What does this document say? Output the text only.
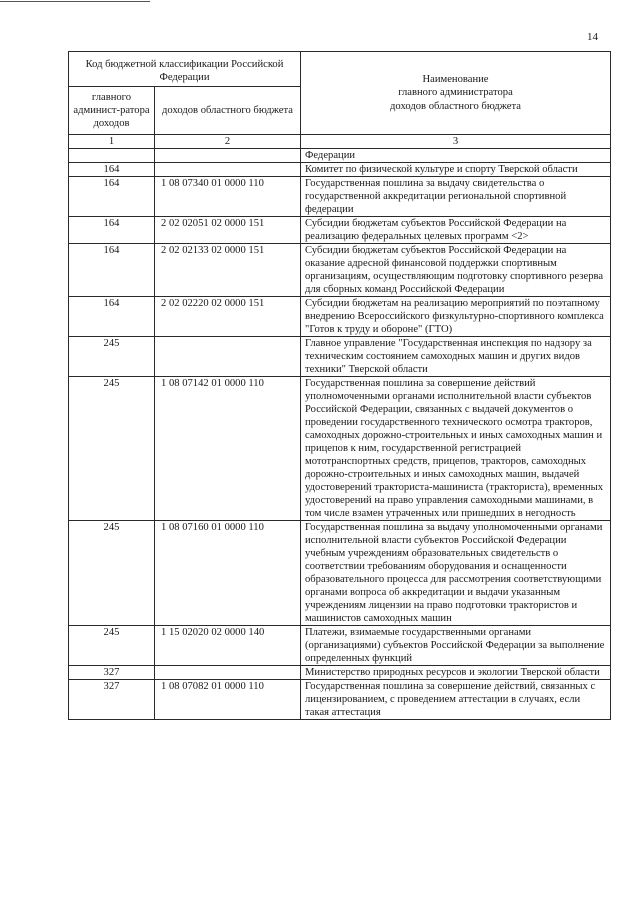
14
Код бюджетной классификации Российской Федерации		Наименование
главного администратора
доходов областного бюджета
главного админист-ратора доходов	доходов областного бюджета	
1	2	3
		Федерации
164		Комитет по физической культуре и спорту Тверской области
164	1 08 07340 01 0000 110	Государственная пошлина за выдачу свидетельства о государственной аккредитации региональной спортивной федерации
164	2 02 02051 02 0000 151	Субсидии бюджетам субъектов Российской Федерации на реализацию федеральных целевых программ <2>
164	2 02 02133 02 0000 151	Субсидии бюджетам субъектов Российской Федерации на оказание адресной финансовой поддержки спортивным организациям, осуществляющим подготовку спортивного резерва для сборных команд Российской Федерации
164	2 02 02220 02 0000 151	Субсидии бюджетам на реализацию мероприятий по поэтапному внедрению Всероссийского физкультурно-спортивного комплекса "Готов к труду и обороне" (ГТО)
245		Главное управление "Государственная инспекция по надзору за техническим состоянием самоходных машин и других видов техники" Тверской области
245	1 08 07142 01 0000 110	Государственная пошлина за совершение действий уполномоченными органами исполнительной власти субъектов Российской Федерации, связанных с выдачей документов о проведении государственного технического осмотра тракторов, самоходных дорожно-строительных и иных самоходных машин и прицепов к ним, государственной регистрацией мототранспортных средств, прицепов, тракторов, самоходных дорожно-строительных и иных самоходных машин, выдачей удостоверений тракториста-машиниста (тракториста), временных удостоверений на право управления самоходными машинами, в том числе взамен утраченных или пришедших в негодность
245	1 08 07160 01 0000 110	Государственная пошлина за выдачу уполномоченными органами исполнительной власти субъектов Российской Федерации учебным учреждениям образовательных свидетельств о соответствии требованиям оборудования и оснащенности образовательного процесса для рассмотрения соответствующими органами вопроса об аккредитации и выдачи указанным учреждениям лицензии на право подготовки трактористов и машинистов самоходных машин
245	1 15 02020 02 0000 140	Платежи, взимаемые государственными органами (организациями) субъектов Российской Федерации за выполнение определенных функций
327		Министерство природных ресурсов и экологии Тверской области
327	1 08 07082 01 0000 110	Государственная пошлина за совершение действий, связанных с лицензированием, с проведением аттестации в случаях, если такая аттестация
